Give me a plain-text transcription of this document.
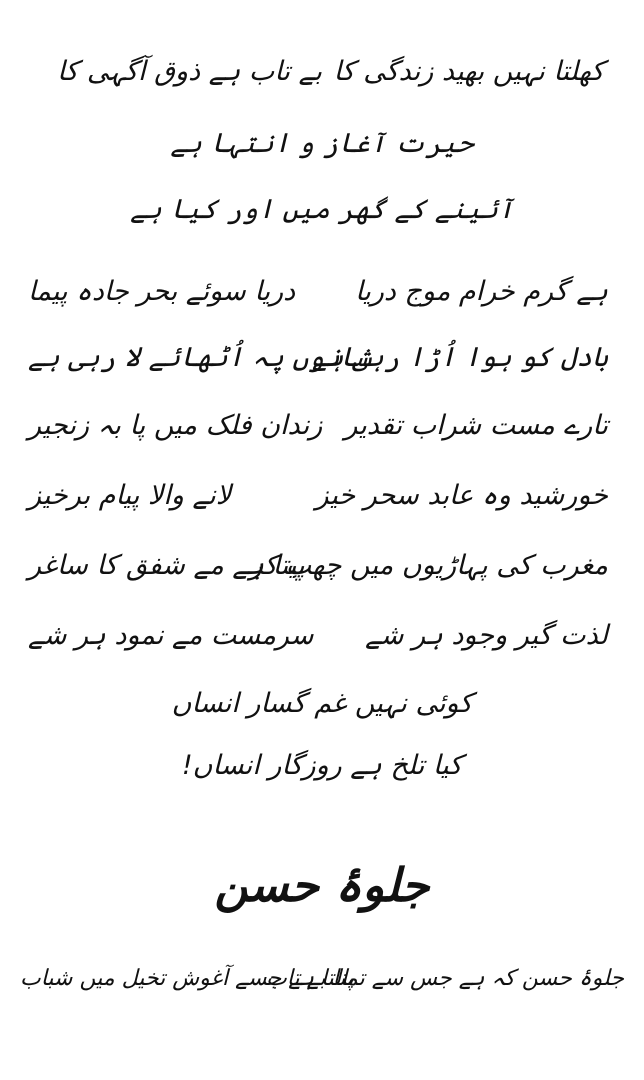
بے تاب ہے ذوق آگہی کا کھلتا نہیں بھید زندگی کا
حیرت آغاز و انتہا ہے
آئینے کے گھر میں اور کیا ہے
ہے گرم خرام موج دریا
دریا سوئے بحر جادہ پیما
بادل کو ہوا اُڑا رہی ہے
شانوں پہ اُٹھائے لا رہی ہے
تارے مست شراب تقدیر
زندان فلک میں پا بہ زنجیر
خورشید وہ عابد سحر خیز
لانے والا پیام برخیز
مغرب کی پہاڑیوں میں چھپ کر
پیتا ہے مے شفق کا ساغر
لذت گیر وجود ہر شے
سرمست مے نمود ہر شے
کوئی نہیں غم گسار انساں
کیا تلخ ہے روزگار انساں!
جلوۂ حسن
جلوۂ حسن کہ ہے جس سے تمنا بے تاب
پالتا ہے جسے آغوش تخیل میں شباب
